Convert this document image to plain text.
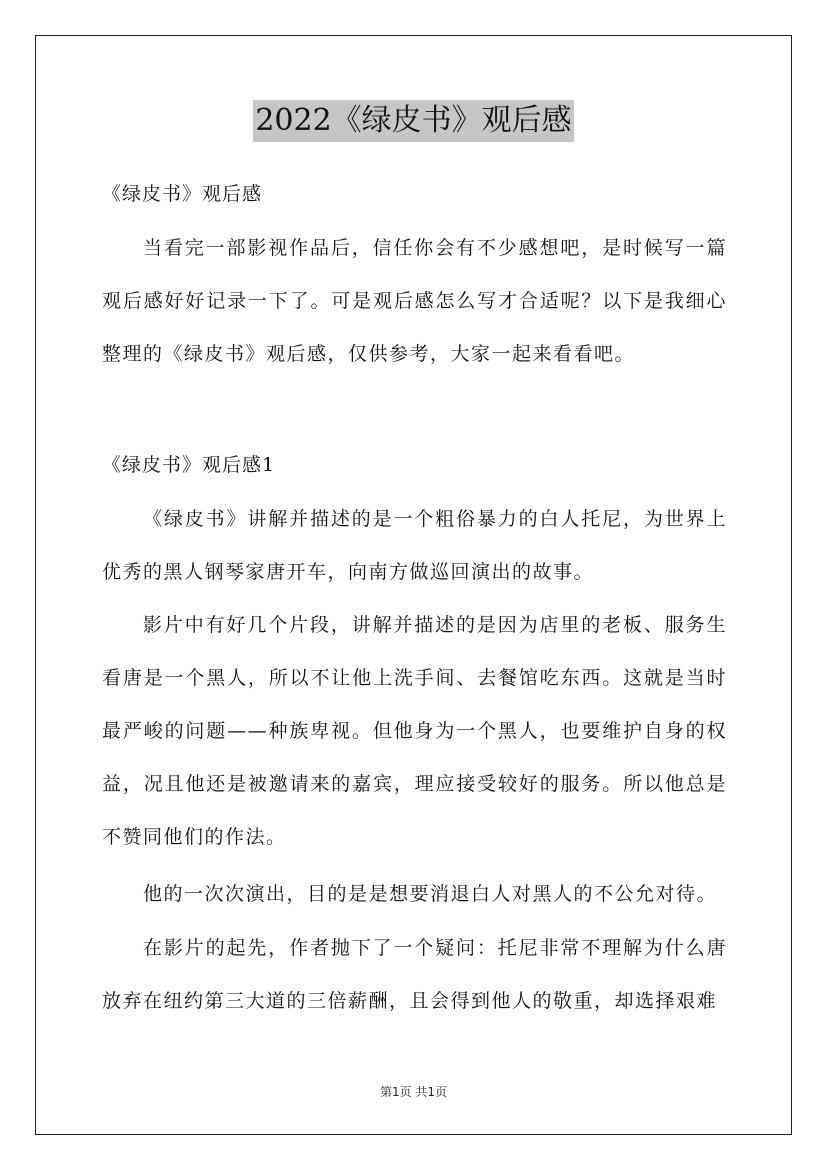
2022《绿皮书》观后感

《绿皮书》观后感

当看完一部影视作品后，信任你会有不少感想吧，是时候写一篇观后感好好记录一下了。可是观后感怎么写才合适呢？以下是我细心整理的《绿皮书》观后感，仅供参考，大家一起来看看吧。

《绿皮书》观后感1

《绿皮书》讲解并描述的是一个粗俗暴力的白人托尼，为世界上优秀的黑人钢琴家唐开车，向南方做巡回演出的故事。

影片中有好几个片段，讲解并描述的是因为店里的老板、服务生看唐是一个黑人，所以不让他上洗手间、去餐馆吃东西。这就是当时最严峻的问题——种族卑视。但他身为一个黑人，也要维护自身的权益，况且他还是被邀请来的嘉宾，理应接受较好的服务。所以他总是不赞同他们的作法。

他的一次次演出，目的是是想要消退白人对黑人的不公允对待。

在影片的起先，作者抛下了一个疑问：托尼非常不理解为什么唐放弃在纽约第三大道的三倍薪酬，且会得到他人的敬重，却选择艰难

第1页 共1页
